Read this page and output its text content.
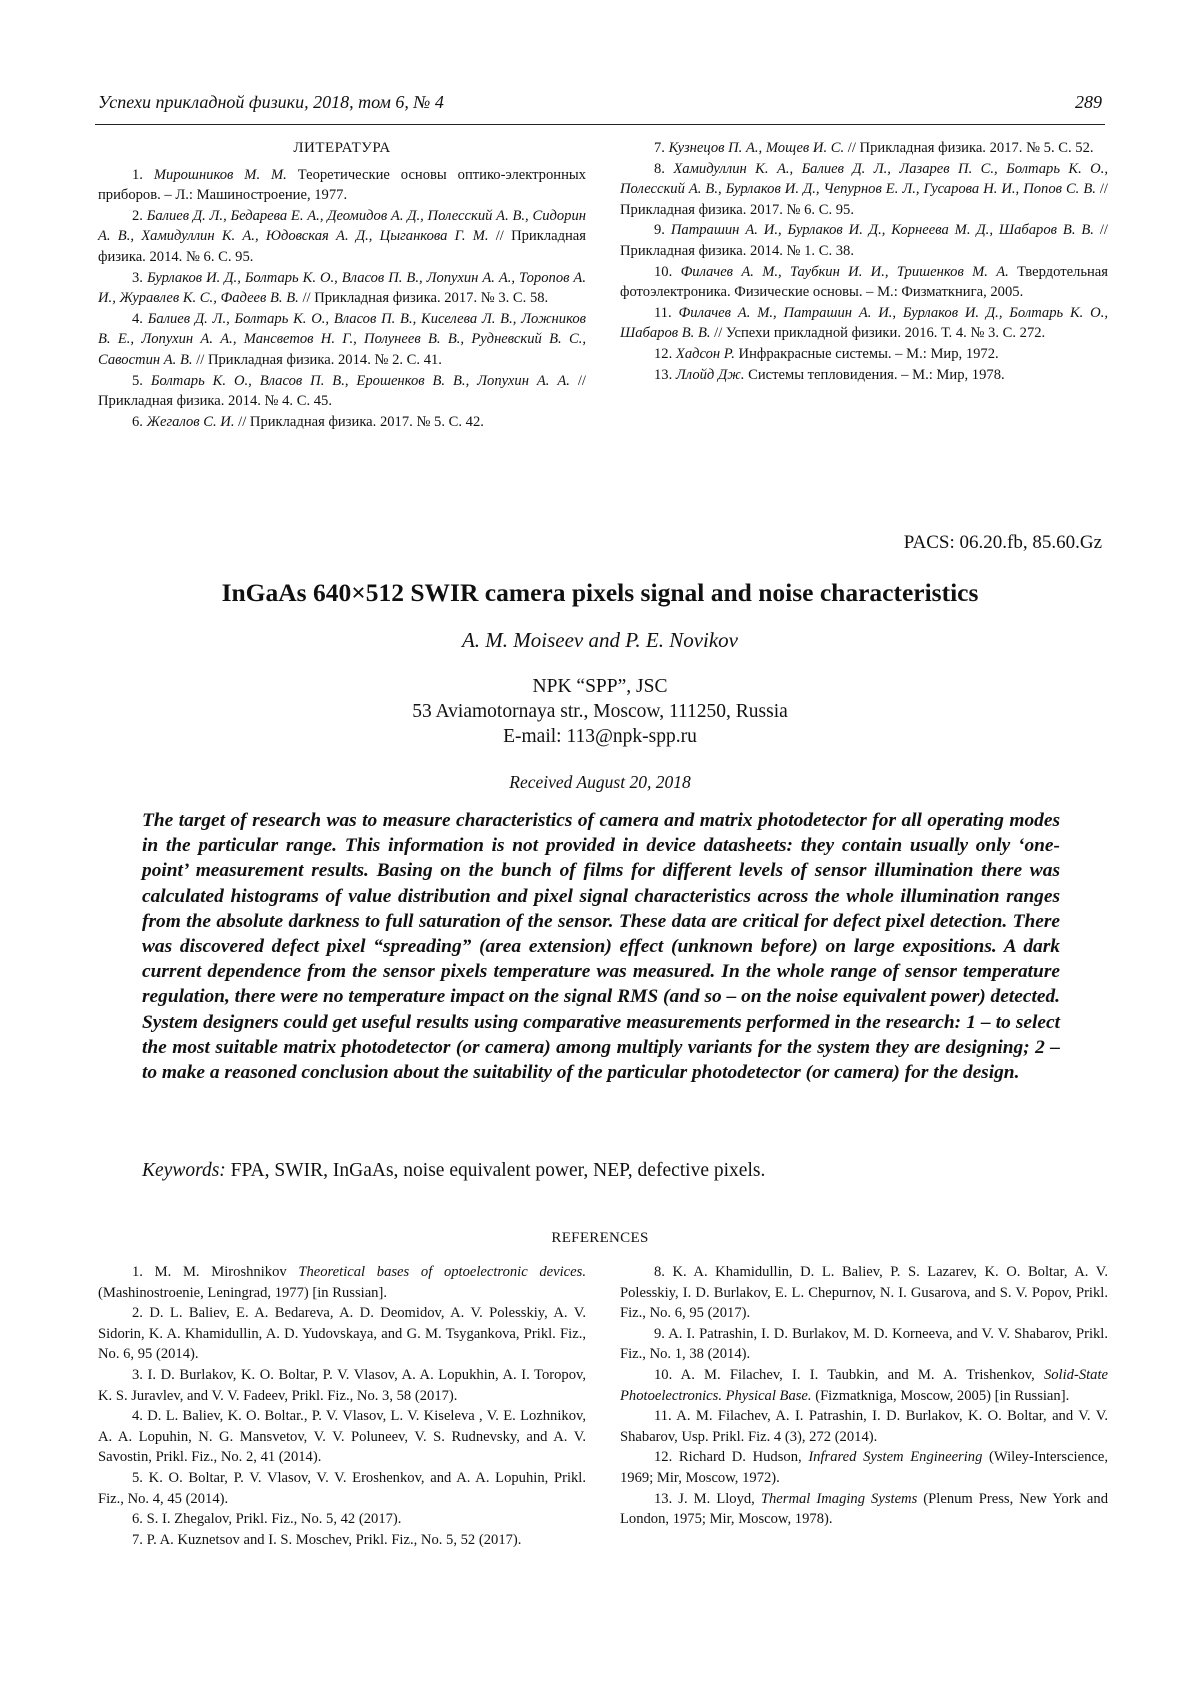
Успехи прикладной физики, 2018, том 6, № 4	289
ЛИТЕРАТУРА

1. Мирошников М. М. Теоретические основы оптико-электронных приборов. – Л.: Машиностроение, 1977.

2. Балиев Д. Л., Бедарева Е. А., Деомидов А. Д., Полесский А. В., Сидорин А. В., Хамидуллин К. А., Юдовская А. Д., Цыганкова Г. М. // Прикладная физика. 2014. № 6. С. 95.

3. Бурлаков И. Д., Болтарь К. О., Власов П. В., Лопухин А. А., Торопов А. И., Журавлев К. С., Фадеев В. В. // Прикладная физика. 2017. № 3. С. 58.

4. Балиев Д. Л., Болтарь К. О., Власов П. В., Киселева Л. В., Ложников В. Е., Лопухин А. А., Мансветов Н. Г., Полунеев В. В., Рудневский В. С., Савостин А. В. // Прикладная физика. 2014. № 2. С. 41.

5. Болтарь К. О., Власов П. В., Ерошенков В. В., Лопухин А. А. // Прикладная физика. 2014. № 4. С. 45.

6. Жегалов С. И. // Прикладная физика. 2017. № 5. С. 42.

7. Кузнецов П. А., Мощев И. С. // Прикладная физика. 2017. № 5. С. 52.

8. Хамидуллин К. А., Балиев Д. Л., Лазарев П. С., Болтарь К. О., Полесский А. В., Бурлаков И. Д., Чепурнов Е. Л., Гусарова Н. И., Попов С. В. // Прикладная физика. 2017. № 6. С. 95.

9. Патрашин А. И., Бурлаков И. Д., Корнеева М. Д., Шабаров В. В. // Прикладная физика. 2014. № 1. С. 38.

10. Филачев А. М., Таубкин И. И., Тришенков М. А. Твердотельная фотоэлектроника. Физические основы. – М.: Физматкнига, 2005.

11. Филачев А. М., Патрашин А. И., Бурлаков И. Д., Болтарь К. О., Шабаров В. В. // Успехи прикладной физики. 2016. Т. 4. № 3. С. 272.

12. Хадсон Р. Инфракрасные системы. – М.: Мир, 1972.

13. Ллойд Дж. Системы тепловидения. – М.: Мир, 1978.

PACS: 06.20.fb, 85.60.Gz
InGaAs 640×512 SWIR camera pixels signal and noise characteristics
A. M. Moiseev and P. E. Novikov
NPK “SPP”, JSC
53 Aviamotornaya str., Moscow, 111250, Russia
E-mail: 113@npk-spp.ru
Received August 20, 2018
The target of research was to measure characteristics of camera and matrix photodetector for all operating modes in the particular range. This information is not provided in device datasheets: they contain usually only ‘one-point’ measurement results. Basing on the bunch of films for different levels of sensor illumination there was calculated histograms of value distribution and pixel signal characteristics across the whole illumination ranges from the absolute darkness to full saturation of the sensor. These data are critical for defect pixel detection. There was discovered defect pixel “spreading” (area extension) effect (unknown before) on large expositions. A dark current dependence from the sensor pixels temperature was measured. In the whole range of sensor temperature regulation, there were no temperature impact on the signal RMS (and so – on the noise equivalent power) detected. System designers could get useful results using comparative measurements performed in the research: 1 – to select the most suitable matrix photodetector (or camera) among multiply variants for the system they are designing; 2 – to make a reasoned conclusion about the suitability of the particular photodetector (or camera) for the design.
Keywords: FPA, SWIR, InGaAs, noise equivalent power, NEP, defective pixels.
REFERENCES

1. M. M. Miroshnikov Theoretical bases of optoelectronic devices. (Mashinostroenie, Leningrad, 1977) [in Russian].

2. D. L. Baliev, E. A. Bedareva, A. D. Deomidov, A. V. Polesskiy, A. V. Sidorin, K. A. Khamidullin, A. D. Yudovskaya, and G. M. Tsygankova, Prikl. Fiz., No. 6, 95 (2014).

3. I. D. Burlakov, K. O. Boltar, P. V. Vlasov, A. A. Lopukhin, A. I. Toropov, K. S. Juravlev, and V. V. Fadeev, Prikl. Fiz., No. 3, 58 (2017).

4. D. L. Baliev, K. O. Boltar., P. V. Vlasov, L. V. Kiseleva , V. E. Lozhnikov, A. A. Lopuhin, N. G. Mansvetov, V. V. Poluneev, V. S. Rudnevsky, and A. V. Savostin, Prikl. Fiz., No. 2, 41 (2014).

5. K. O. Boltar, P. V. Vlasov, V. V. Eroshenkov, and A. A. Lopuhin, Prikl. Fiz., No. 4, 45 (2014).

6. S. I. Zhegalov, Prikl. Fiz., No. 5, 42 (2017).

7. P. A. Kuznetsov and I. S. Moschev, Prikl. Fiz., No. 5, 52 (2017).

8. K. A. Khamidullin, D. L. Baliev, P. S. Lazarev, K. O. Boltar, A. V. Polesskiy, I. D. Burlakov, E. L. Chepurnov, N. I. Gusarova, and S. V. Popov, Prikl. Fiz., No. 6, 95 (2017).

9. A. I. Patrashin, I. D. Burlakov, M. D. Korneeva, and V. V. Shabarov, Prikl. Fiz., No. 1, 38 (2014).

10. A. M. Filachev, I. I. Taubkin, and M. A. Trishenkov, Solid-State Photoelectronics. Physical Base. (Fizmatkniga, Moscow, 2005) [in Russian].

11. A. M. Filachev, A. I. Patrashin, I. D. Burlakov, K. O. Boltar, and V. V. Shabarov, Usp. Prikl. Fiz. 4 (3), 272 (2014).

12. Richard D. Hudson, Infrared System Engineering (Wiley-Interscience, 1969; Mir, Moscow, 1972).

13. J. M. Lloyd, Thermal Imaging Systems (Plenum Press, New York and London, 1975; Mir, Moscow, 1978).
